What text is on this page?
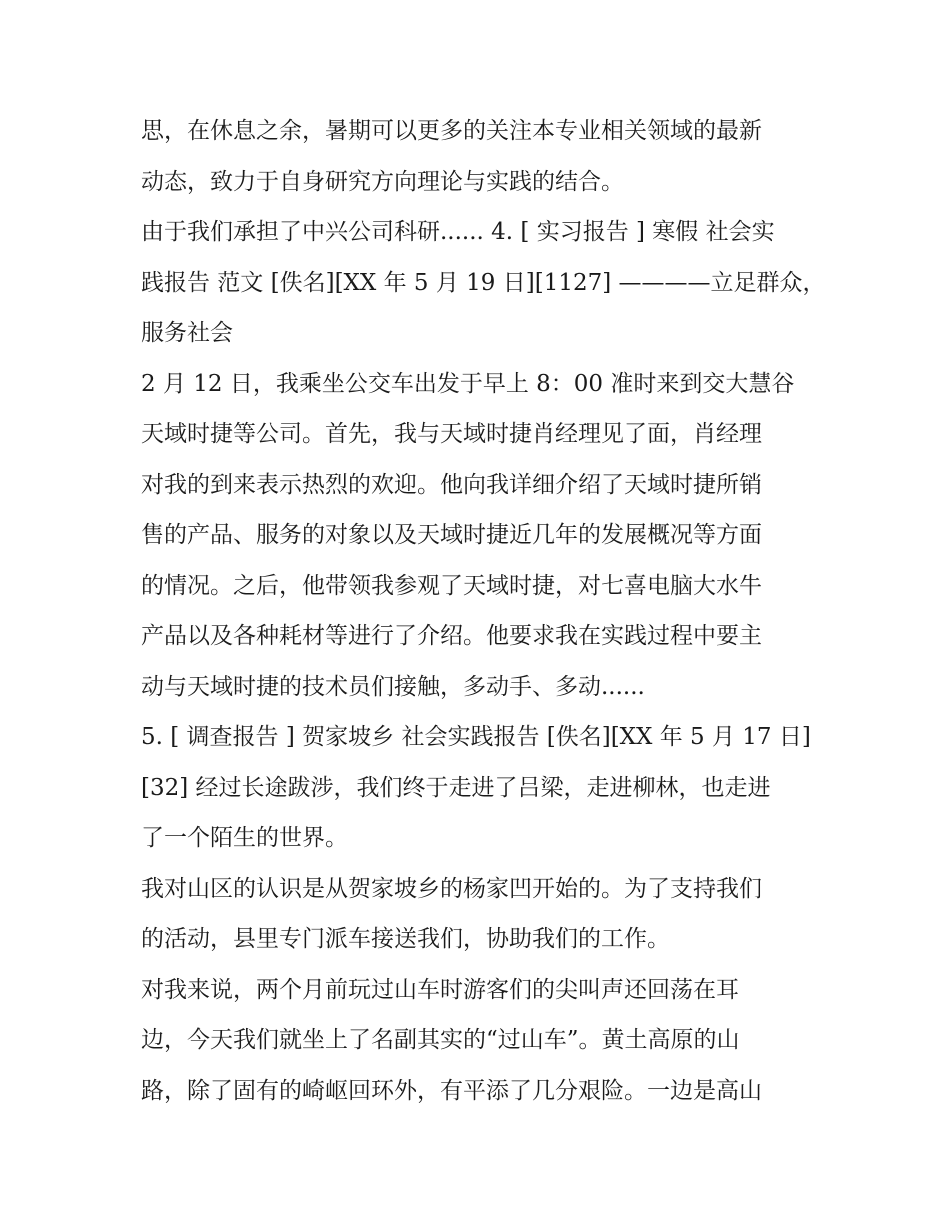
思，在休息之余，暑期可以更多的关注本专业相关领域的最新
动态，致力于自身研究方向理论与实践的结合。

由于我们承担了中兴公司科研...... 4. [ 实习报告 ] 寒假 社会实
践报告 范文 [佚名][XX 年 5 月 19 日][1127] ————立足群众，
服务社会

2 月 12 日，我乘坐公交车出发于早上 8：00 准时来到交大慧谷
天域时捷等公司。首先，我与天域时捷肖经理见了面，肖经理
对我的到来表示热烈的欢迎。他向我详细介绍了天域时捷所销
售的产品、服务的对象以及天域时捷近几年的发展概况等方面
的情况。之后，他带领我参观了天域时捷，对七喜电脑大水牛
产品以及各种耗材等进行了介绍。他要求我在实践过程中要主
动与天域时捷的技术员们接触，多动手、多动......

5. [ 调查报告 ] 贺家坡乡 社会实践报告 [佚名][XX 年 5 月 17 日]
[32] 经过长途跋涉，我们终于走进了吕梁，走进柳林，也走进
了一个陌生的世界。

我对山区的认识是从贺家坡乡的杨家凹开始的。为了支持我们
的活动，县里专门派车接送我们，协助我们的工作。

对我来说，两个月前玩过山车时游客们的尖叫声还回荡在耳
边，今天我们就坐上了名副其实的“过山车”。黄土高原的山
路，除了固有的崎岖回环外，有平添了几分艰险。一边是高山
